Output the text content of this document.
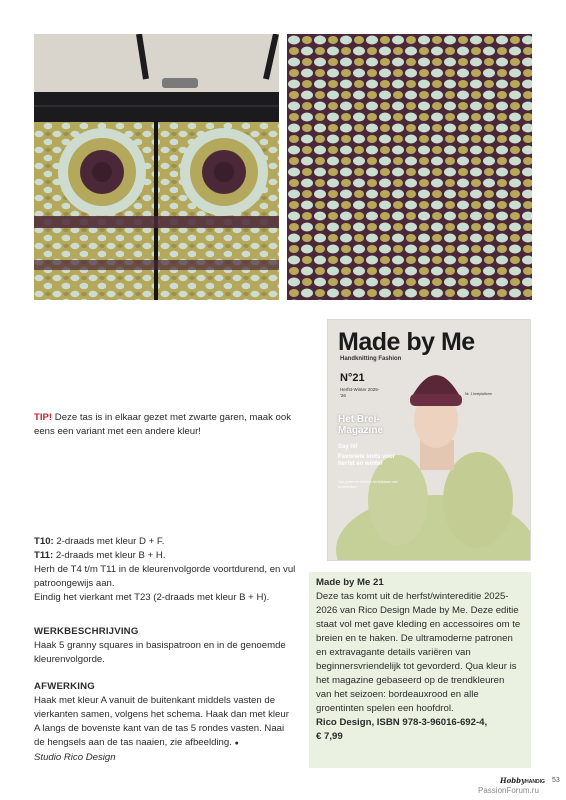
TIP! Deze tas is in elkaar gezet met zwarte garen, maak ook eens een variant met een andere kleur!
T10: 2-draads met kleur D + F.
T11: 2-draads met kleur B + H.
Herh de T4 t/m T11 in de kleurenvolgorde voortdurend, en vul patroongewijs aan.
Eindig het vierkant met T23 (2-draads met kleur B + H).
WERKBESCHRIJVING
Haak 5 granny squares in basispatroon en in de genoemde kleurenvolgorde.
AFWERKING
Haak met kleur A vanuit de buitenkant middels vasten de vierkanten samen, volgens het schema. Haak dan met kleur A langs de bovenste kant van de tas 5 rondes vasten. Naai de hengsels aan de tas naaien, zie afbeelding. ●
Studio Rico Design
Made by Me
Handknitting Fashion
N°21
Herfst-Winter 2025-'26	Nr. 1 breiplatform
Het Brei-Magazine
Say hi!
Favoriete knits voor herfst en winter
Van jurken en boleros tot knitwear met accessoires
Made by Me 21
Deze tas komt uit de herfst/wintereditie 2025-2026 van Rico Design Made by Me. Deze editie staat vol met gave kleding en accessoires om te breien en te haken. De ultramoderne patronen en extravagante details variëren van beginnersvriendelijk tot gevorderd. Qua kleur is het magazine gebaseerd op de trendkleuren van het seizoen: bordeauxrood en alle groentinten spelen een hoofdrol.
Rico Design, ISBN 978-3-96016-692-4,
€ 7,99
HobbyHANDIG 53
PassionForum.ru
